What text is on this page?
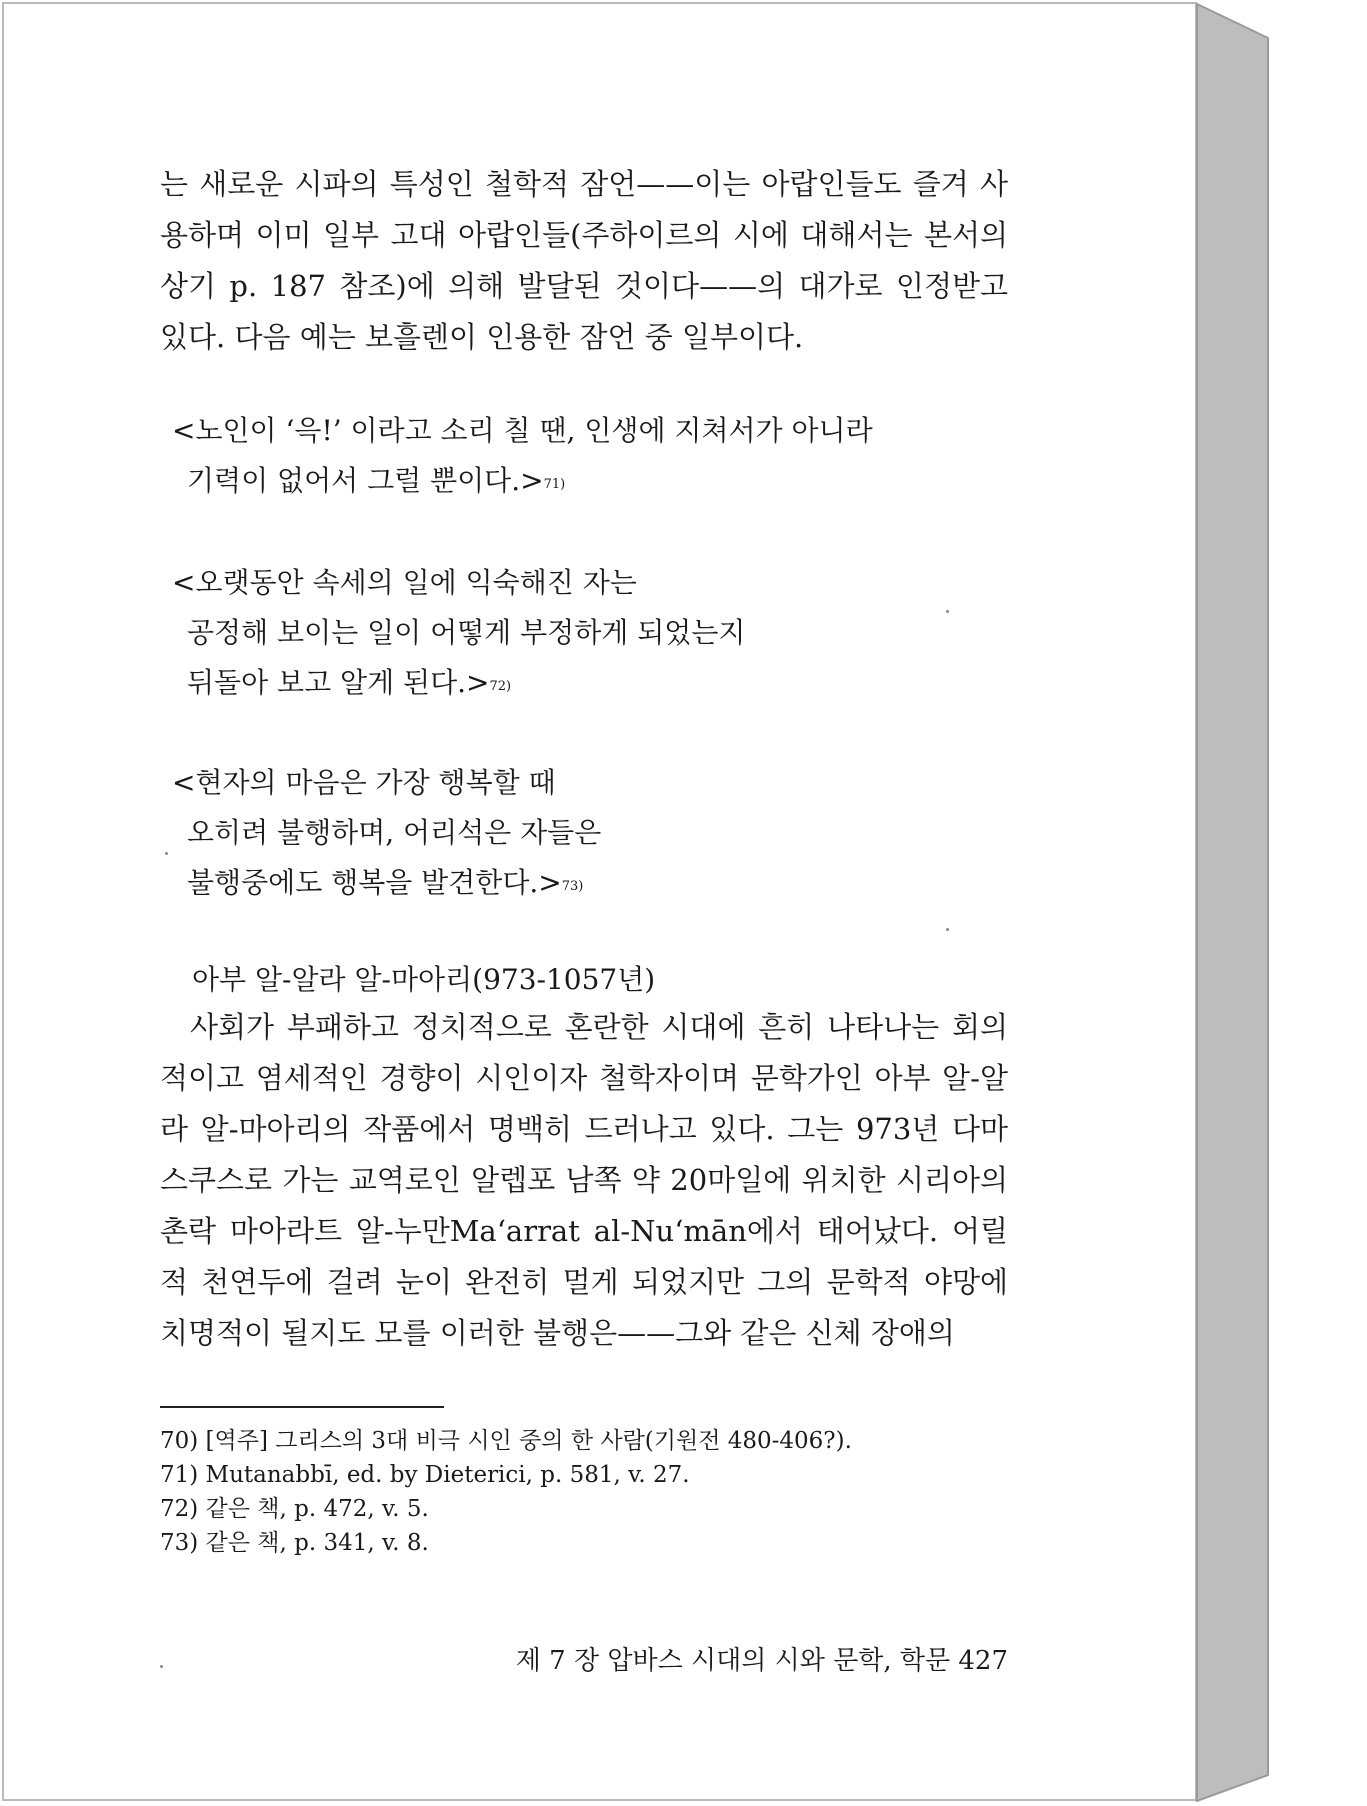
는 새로운 시파의 특성인 철학적 잠언——이는 아랍인들도 즐겨 사용하며 이미 일부 고대 아랍인들(주하이르의 시에 대해서는 본서의 상기 p. 187 참조)에 의해 발달된 것이다——의 대가로 인정받고 있다. 다음 예는 보흘렌이 인용한 잠언 중 일부이다.

<노인이 ‘윽!’ 이라고 소리 칠 땐, 인생에 지쳐서가 아니라
기력이 없어서 그럴 뿐이다.>$^{71)}$
<오랫동안 속세의 일에 익숙해진 자는
공정해 보이는 일이 어떻게 부정하게 되었는지
뒤돌아 보고 알게 된다.>$^{72)}$
<현자의 마음은 가장 행복할 때
오히려 불행하며, 어리석은 자들은
불행중에도 행복을 발견한다.>$^{73)}$
아부 알-알라 알-마아리(973-1057년)

사회가 부패하고 정치적으로 혼란한 시대에 흔히 나타나는 회의적이고 염세적인 경향이 시인이자 철학자이며 문학가인 아부 알-알라 알-마아리의 작품에서 명백히 드러나고 있다. 그는 973년 다마스쿠스로 가는 교역로인 알렙포 남쪽 약 20마일에 위치한 시리아의 촌락 마아라트 알-누만Ma‘arrat al-Nu‘mān에서 태어났다. 어릴 적 천연두에 걸려 눈이 완전히 멀게 되었지만 그의 문학적 야망에 치명적이 될지도 모를 이러한 불행은——그와 같은 신체 장애의

70) [역주] 그리스의 3대 비극 시인 중의 한 사람(기원전 480-406?).
71) Mutanabbī, ed. by Dieterici, p. 581, v. 27.
72) 같은 책, p. 472, v. 5.
73) 같은 책, p. 341, v. 8.
제 7 장 압바스 시대의 시와 문학, 학문 427
